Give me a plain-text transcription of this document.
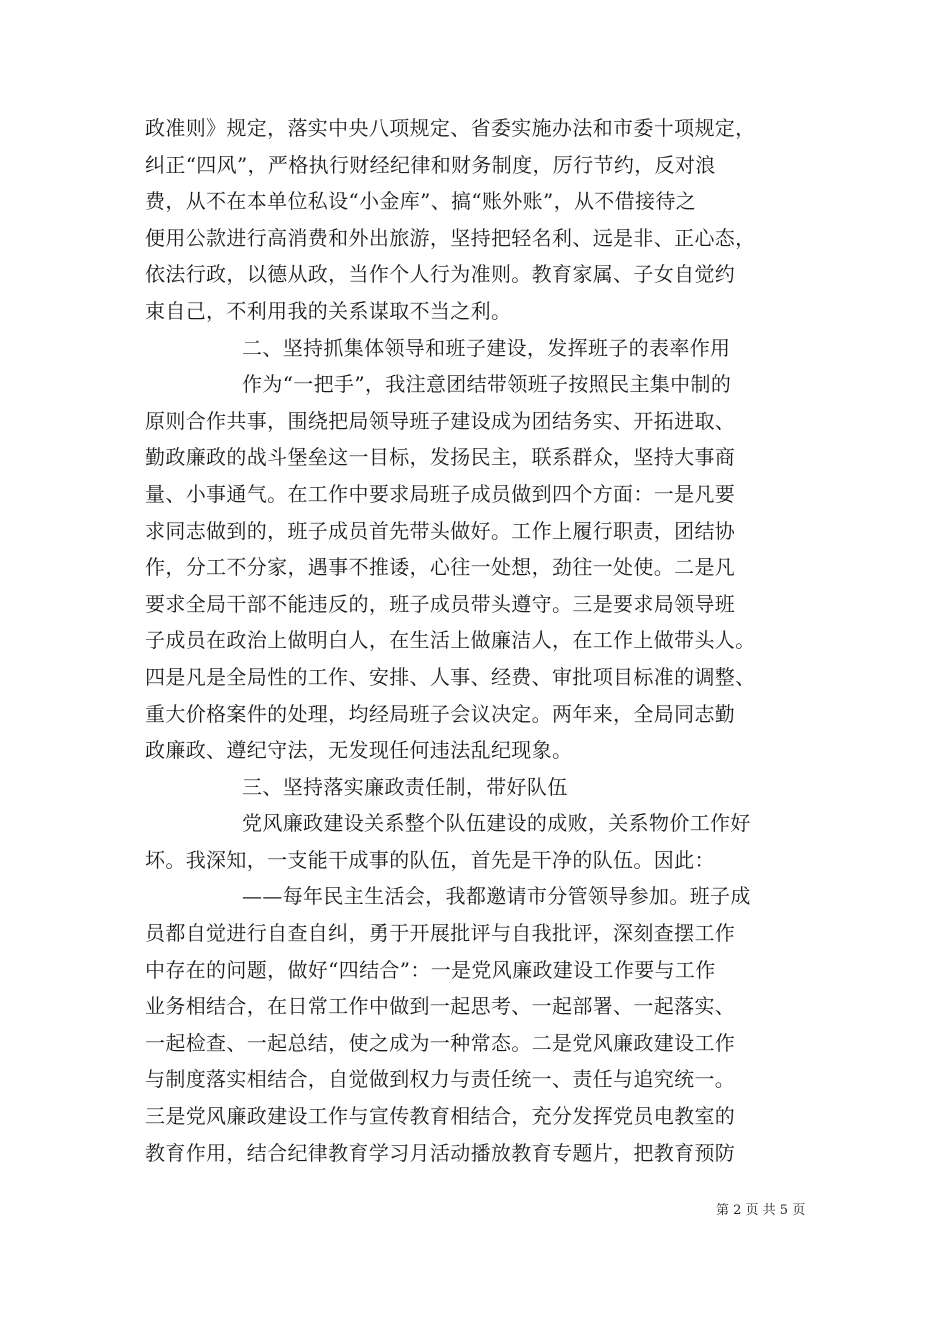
政准则》规定，落实中央八项规定、省委实施办法和市委十项规定，
纠正“四风”，严格执行财经纪律和财务制度，厉行节约，反对浪
费，从不在本单位私设“小金库”、搞“账外账”，从不借接待之
便用公款进行高消费和外出旅游，坚持把轻名利、远是非、正心态，
依法行政，以德从政，当作个人行为准则。教育家属、子女自觉约
束自己，不利用我的关系谋取不当之利。
二、坚持抓集体领导和班子建设，发挥班子的表率作用
作为“一把手”，我注意团结带领班子按照民主集中制的
原则合作共事，围绕把局领导班子建设成为团结务实、开拓进取、
勤政廉政的战斗堡垒这一目标，发扬民主，联系群众，坚持大事商
量、小事通气。在工作中要求局班子成员做到四个方面：一是凡要
求同志做到的，班子成员首先带头做好。工作上履行职责，团结协
作，分工不分家，遇事不推诿，心往一处想，劲往一处使。二是凡
要求全局干部不能违反的，班子成员带头遵守。三是要求局领导班
子成员在政治上做明白人，在生活上做廉洁人，在工作上做带头人。
四是凡是全局性的工作、安排、人事、经费、审批项目标准的调整、
重大价格案件的处理，均经局班子会议决定。两年来，全局同志勤
政廉政、遵纪守法，无发现任何违法乱纪现象。
三、坚持落实廉政责任制，带好队伍
党风廉政建设关系整个队伍建设的成败，关系物价工作好
坏。我深知，一支能干成事的队伍，首先是干净的队伍。因此：
——每年民主生活会，我都邀请市分管领导参加。班子成
员都自觉进行自查自纠，勇于开展批评与自我批评，深刻查摆工作
中存在的问题，做好“四结合”：一是党风廉政建设工作要与工作
业务相结合，在日常工作中做到一起思考、一起部署、一起落实、
一起检查、一起总结，使之成为一种常态。二是党风廉政建设工作
与制度落实相结合，自觉做到权力与责任统一、责任与追究统一。
三是党风廉政建设工作与宣传教育相结合，充分发挥党员电教室的
教育作用，结合纪律教育学习月活动播放教育专题片，把教育预防
第 2 页 共 5 页
